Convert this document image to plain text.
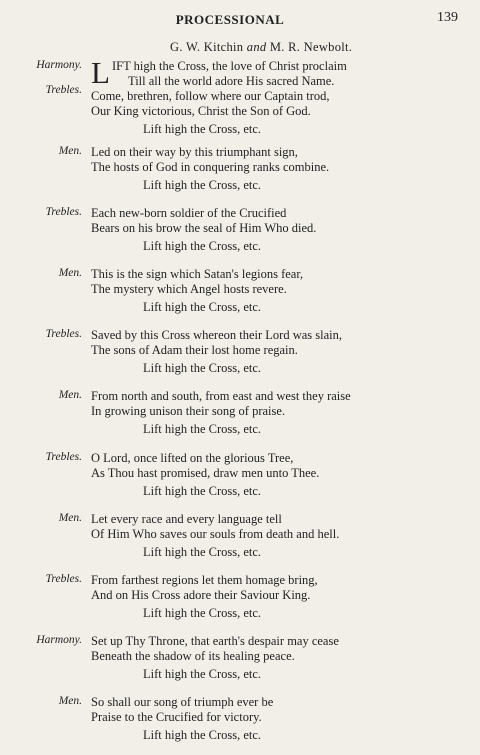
PROCESSIONAL	139
G. W. Kitchin and M. R. Newbolt.
Harmony. IFT high the Cross, the love of Christ proclaim
Till all the world adore His sacred Name.
Come, brethren, follow where our Captain trod,
Our King victorious, Christ the Son of God.
Lift high the Cross, etc.
Trebles. L
Men. Led on their way by this triumphant sign,
The hosts of God in conquering ranks combine.
Lift high the Cross, etc.
Trebles. Each new-born soldier of the Crucified
Bears on his brow the seal of Him Who died.
Lift high the Cross, etc.
Men. This is the sign which Satan's legions fear,
The mystery which Angel hosts revere.
Lift high the Cross, etc.
Trebles. Saved by this Cross whereon their Lord was slain,
The sons of Adam their lost home regain.
Lift high the Cross, etc.
Men. From north and south, from east and west they raise
In growing unison their song of praise.
Lift high the Cross, etc.
Trebles. O Lord, once lifted on the glorious Tree,
As Thou hast promised, draw men unto Thee.
Lift high the Cross, etc.
Men. Let every race and every language tell
Of Him Who saves our souls from death and hell.
Lift high the Cross, etc.
Trebles. From farthest regions let them homage bring,
And on His Cross adore their Saviour King.
Lift high the Cross, etc.
Harmony. Set up Thy Throne, that earth's despair may cease
Beneath the shadow of its healing peace.
Lift high the Cross, etc.
Men. So shall our song of triumph ever be
Praise to the Crucified for victory.
Lift high the Cross, etc.
